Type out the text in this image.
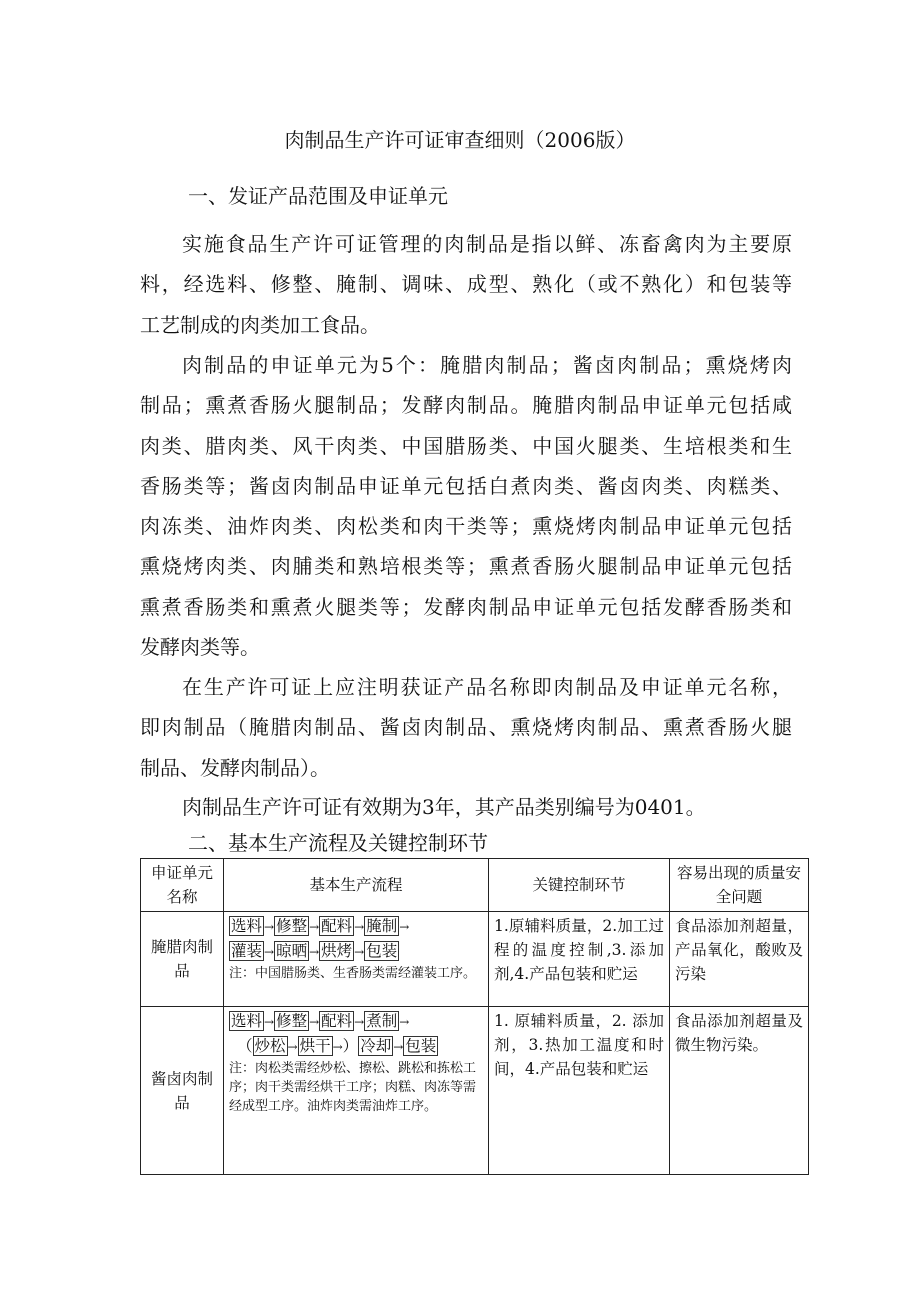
肉制品生产许可证审查细则（2006版）
一、发证产品范围及申证单元
实施食品生产许可证管理的肉制品是指以鲜、冻畜禽肉为主要原
料，经选料、修整、腌制、调味、成型、熟化（或不熟化）和包装等
工艺制成的肉类加工食品。
肉制品的申证单元为5个：腌腊肉制品；酱卤肉制品；熏烧烤肉
制品；熏煮香肠火腿制品；发酵肉制品。腌腊肉制品申证单元包括咸
肉类、腊肉类、风干肉类、中国腊肠类、中国火腿类、生培根类和生
香肠类等；酱卤肉制品申证单元包括白煮肉类、酱卤肉类、肉糕类、
肉冻类、油炸肉类、肉松类和肉干类等；熏烧烤肉制品申证单元包括
熏烧烤肉类、肉脯类和熟培根类等；熏煮香肠火腿制品申证单元包括
熏煮香肠类和熏煮火腿类等；发酵肉制品申证单元包括发酵香肠类和
发酵肉类等。
在生产许可证上应注明获证产品名称即肉制品及申证单元名称，
即肉制品（腌腊肉制品、酱卤肉制品、熏烧烤肉制品、熏煮香肠火腿
制品、发酵肉制品）。
肉制品生产许可证有效期为3年，其产品类别编号为0401。
二、基本生产流程及关键控制环节
申证单元名称	基本生产流程	关键控制环节	容易出现的质量安全问题
腌腊肉制品	选料 → 修整 → 配料 → 腌制 →
灌装 → 晾晒 → 烘烤 → 包装
注：中国腊肠类、生香肠类需经灌装工序。	1.原辅料质量，2.加工过程的温度控制,3.添加剂,4.产品包装和贮运	食品添加剂超量，产品氧化，酸败及污染
酱卤肉制品	选料 → 修整 → 配料 → 煮制 →
（ 炒松 → 烘干 →） 冷却 → 包装
注：肉松类需经炒松、擦松、跳松和拣松工序；肉干类需经烘干工序；肉糕、肉冻等需经成型工序。油炸肉类需油炸工序。	1. 原辅料质量，2. 添加剂，3.热加工温度和时间，4.产品包装和贮运	食品添加剂超量及微生物污染。
